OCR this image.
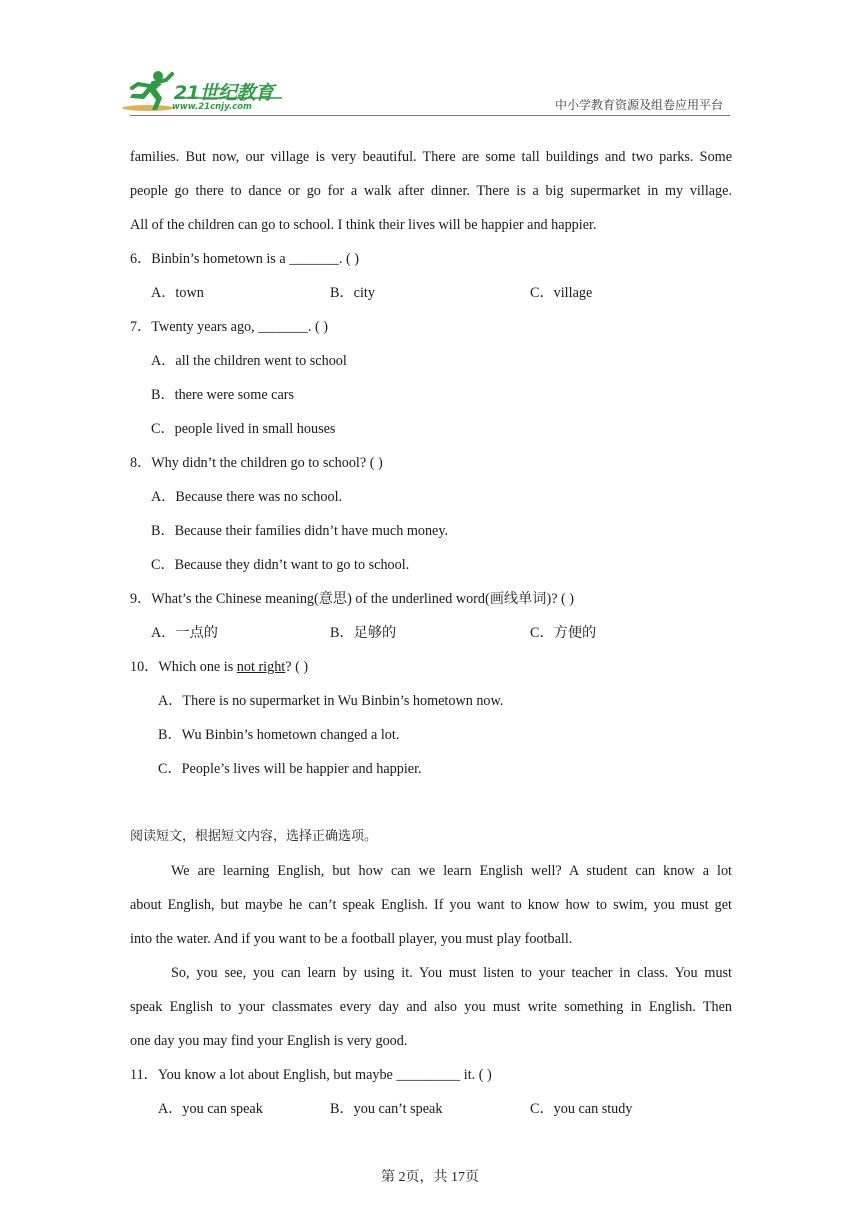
21世纪教育
www.21cnjy.com	中小学教育资源及组卷应用平台
families. But now, our village is very beautiful. There are some tall buildings and two parks. Some
people go there to dance or go for a walk after dinner. There is a big supermarket in my village.
All of the children can go to school. I think their lives will be happier and happier.
6．Binbin’s hometown is a _______. ( )
A．town	B．city	C．village
7．Twenty years ago, _______. ( )
A．all the children went to school
B．there were some cars
C．people lived in small houses
8．Why didn’t the children go to school? ( )
A．Because there was no school.
B．Because their families didn’t have much money.
C．Because they didn’t want to go to school.
9．What’s the Chinese meaning(意思) of the underlined word(画线单词)? ( )
A．一点的	B．足够的	C．方便的
10．Which one is not right? ( )
A．There is no supermarket in Wu Binbin’s hometown now.
B．Wu Binbin’s hometown changed a lot.
C．People’s lives will be happier and happier.
阅读短文，根据短文内容，选择正确选项。
We are learning English, but how can we learn English well? A student can know a lot
about English, but maybe he can’t speak English. If you want to know how to swim, you must get
into the water. And if you want to be a football player, you must play football.
So, you see, you can learn by using it. You must listen to your teacher in class. You must
speak English to your classmates every day and also you must write something in English. Then
one day you may find your English is very good.
11．You know a lot about English, but maybe _________ it. ( )
A．you can speak	B．you can’t speak	C．you can study
第 2页，共 17页
